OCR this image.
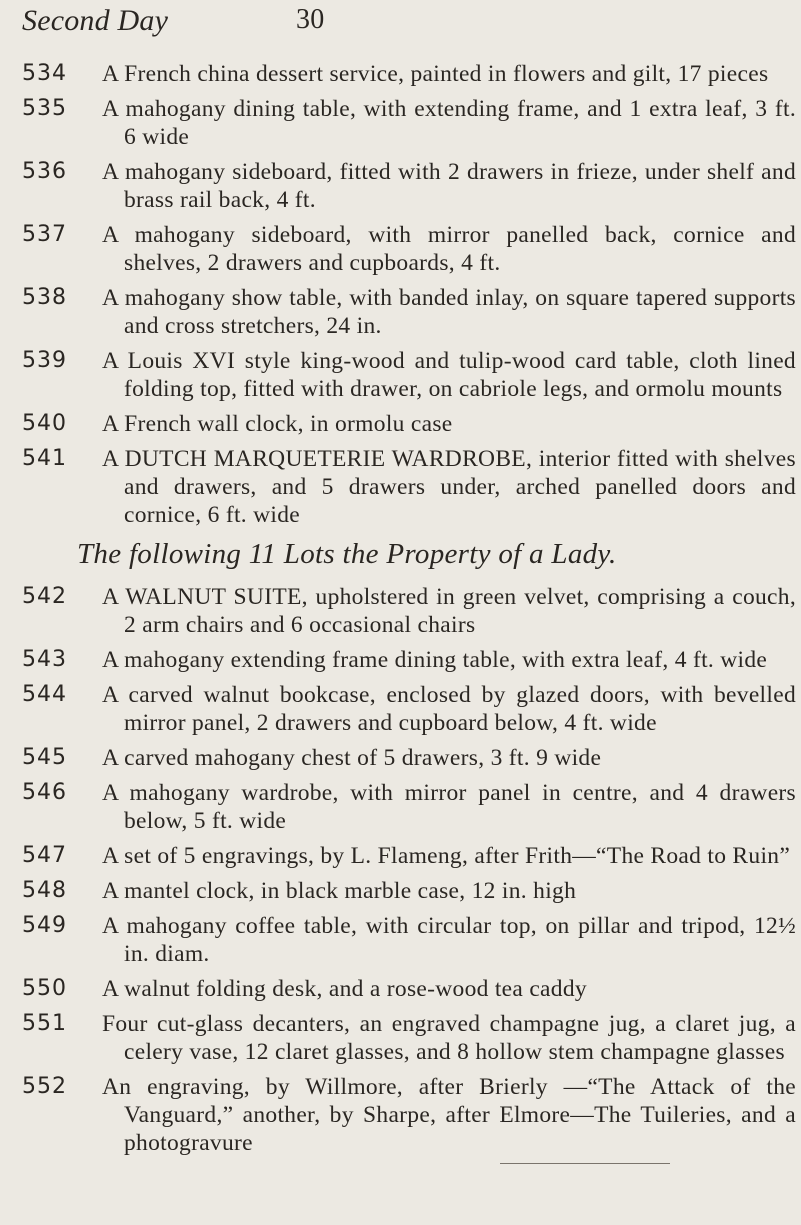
Second Day	30
534	A French china dessert service, painted in flowers and gilt, 17 pieces
535	A mahogany dining table, with extending frame, and 1 extra leaf, 3 ft. 6 wide
536	A mahogany sideboard, fitted with 2 drawers in frieze, under shelf and brass rail back, 4 ft.
537	A mahogany sideboard, with mirror panelled back, cornice and shelves, 2 drawers and cupboards, 4 ft.
538	A mahogany show table, with banded inlay, on square tapered supports and cross stretchers, 24 in.
539	A Louis XVI style king-wood and tulip-wood card table, cloth lined folding top, fitted with drawer, on cabriole legs, and ormolu mounts
540	A French wall clock, in ormolu case
541	A DUTCH MARQUETERIE WARDROBE, interior fitted with shelves and drawers, and 5 drawers under, arched panelled doors and cornice, 6 ft. wide
The following 11 Lots the Property of a Lady.
542	A WALNUT SUITE, upholstered in green velvet, comprising a couch, 2 arm chairs and 6 occasional chairs
543	A mahogany extending frame dining table, with extra leaf, 4 ft. wide
544	A carved walnut bookcase, enclosed by glazed doors, with bevelled mirror panel, 2 drawers and cupboard below, 4 ft. wide
545	A carved mahogany chest of 5 drawers, 3 ft. 9 wide
546	A mahogany wardrobe, with mirror panel in centre, and 4 drawers below, 5 ft. wide
547	A set of 5 engravings, by L. Flameng, after Frith—“The Road to Ruin”
548	A mantel clock, in black marble case, 12 in. high
549	A mahogany coffee table, with circular top, on pillar and tripod, 12½ in. diam.
550	A walnut folding desk, and a rose-wood tea caddy
551	Four cut-glass decanters, an engraved champagne jug, a claret jug, a celery vase, 12 claret glasses, and 8 hollow stem champagne glasses
552	An engraving, by Willmore, after Brierly —“The Attack of the Vanguard,” another, by Sharpe, after Elmore—The Tuileries, and a photogravure
